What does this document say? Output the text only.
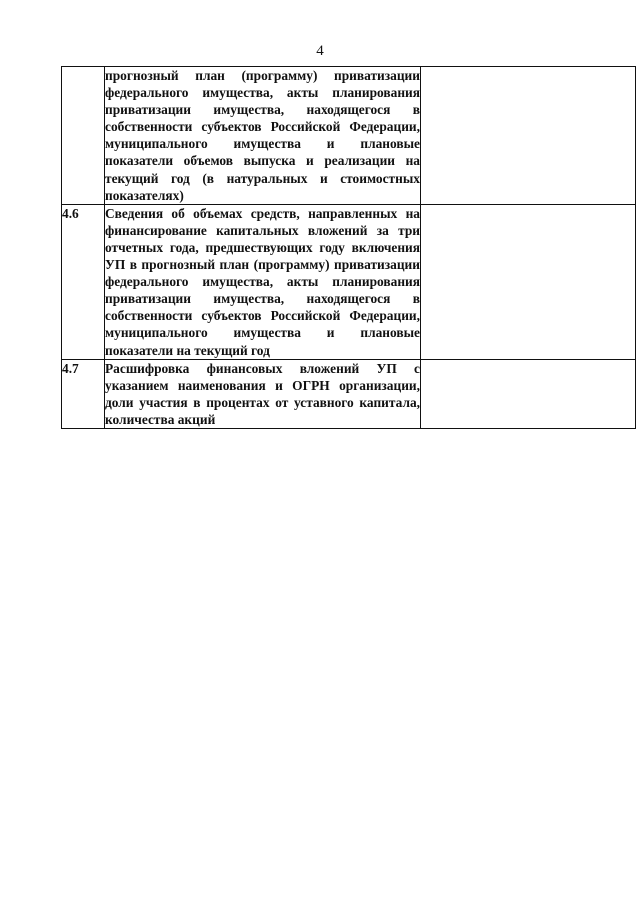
4
	прогнозный план (программу) приватизации федерального имущества, акты планирования приватизации имущества, находящегося в собственности субъектов Российской Федерации, муниципального имущества и плановые показатели объемов выпуска и реализации на текущий год (в натуральных и стоимостных показателях)	
4.6	Сведения об объемах средств, направленных на финансирование капитальных вложений за три отчетных года, предшествующих году включения УП в прогнозный план (программу) приватизации федерального имущества, акты планирования приватизации имущества, находящегося в собственности субъектов Российской Федерации, муниципального имущества и плановые показатели на текущий год	
4.7	Расшифровка финансовых вложений УП с указанием наименования и ОГРН организации, доли участия в процентах от уставного капитала, количества акций	
